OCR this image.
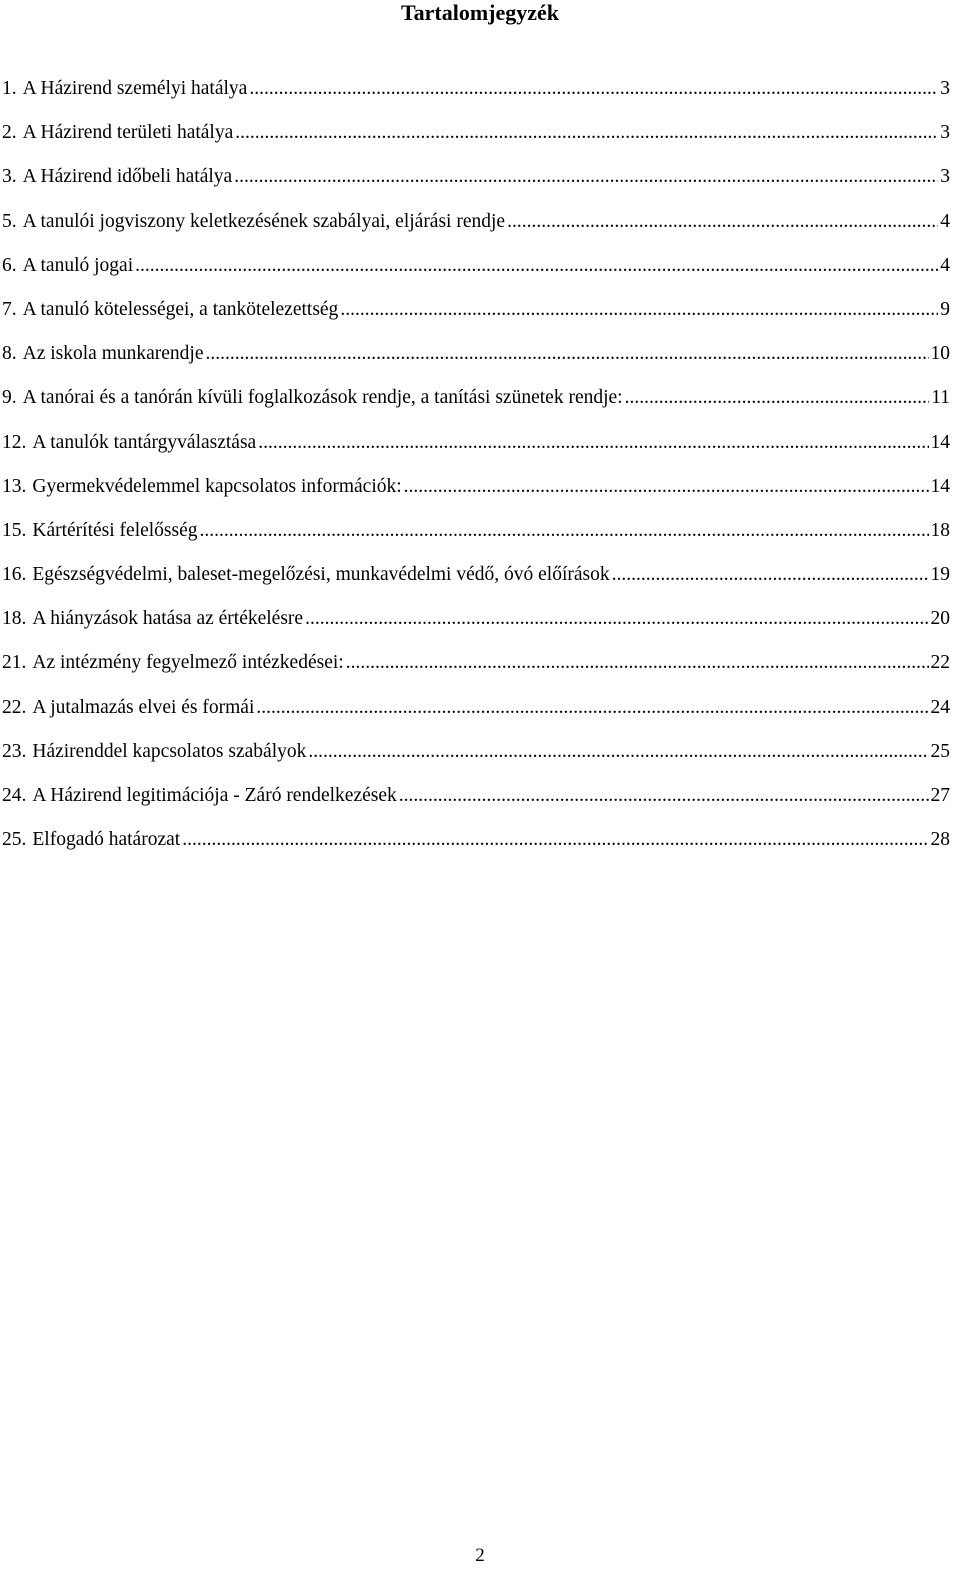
Tartalomjegyzék
1. A Házirend személyi hatálya .....	3
2. A Házirend területi hatálya .....	3
3. A Házirend időbeli hatálya .....	3
5. A tanulói jogviszony keletkezésének szabályai, eljárási rendje .....	4
6. A tanuló jogai .....	4
7. A tanuló kötelességei, a tankötelezettség .....	9
8. Az iskola munkarendje .....	10
9. A tanórai és a tanórán kívüli foglalkozások rendje, a tanítási szünetek rendje: .....	11
12. A tanulók tantárgyválasztása .....	14
13. Gyermekvédelemmel kapcsolatos információk: .....	14
15. Kártérítési felelősség .....	18
16. Egészségvédelmi, baleset-megelőzési, munkavédelmi védő, óvó előírások .....	19
18. A hiányzások hatása az értékelésre .....	20
21. Az intézmény fegyelmező intézkedései: .....	22
22. A jutalmazás elvei és formái .....	24
23. Házirenddel kapcsolatos szabályok .....	25
24. A Házirend legitimációja - Záró rendelkezések .....	27
25. Elfogadó határozat .....	28
2
